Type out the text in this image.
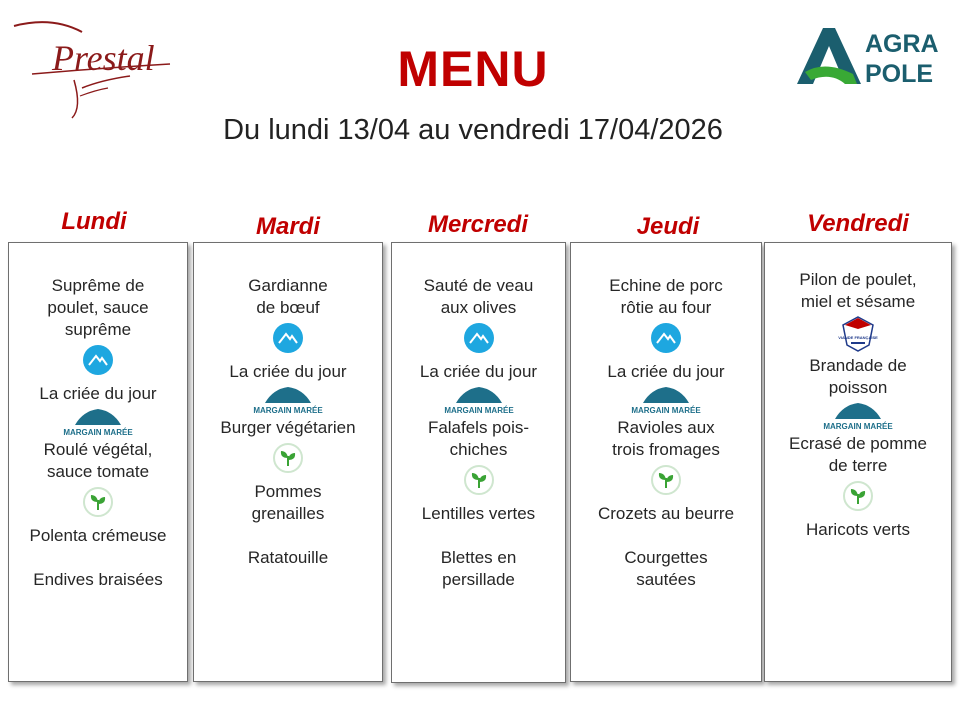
Prestal	AGRA
POLE
MENU
Du lundi 13/04 au vendredi 17/04/2026
Lundi	Mardi	Mercredi	Jeudi	Vendredi
Suprême de
poulet, sauce
suprême
La criée du jour
MARGAIN MARÉE
Roulé végétal,
sauce tomate
Polenta crémeuse
Endives braisées
Gardianne
de bœuf
La criée du jour
MARGAIN MARÉE
Burger végétarien
Pommes
grenailles
Ratatouille
Sauté de veau
aux olives
La criée du jour
MARGAIN MARÉE
Falafels pois-
chiches
Lentilles vertes
Blettes en
persillade
Echine de porc
rôtie au four
La criée du jour
MARGAIN MARÉE
Ravioles aux
trois fromages
Crozets au beurre
Courgettes
sautées
Pilon de poulet,
miel et sésame
VIANDE FRANÇAISE
Brandade de
poisson
MARGAIN MARÉE
Ecrasé de pomme
de terre
Haricots verts
